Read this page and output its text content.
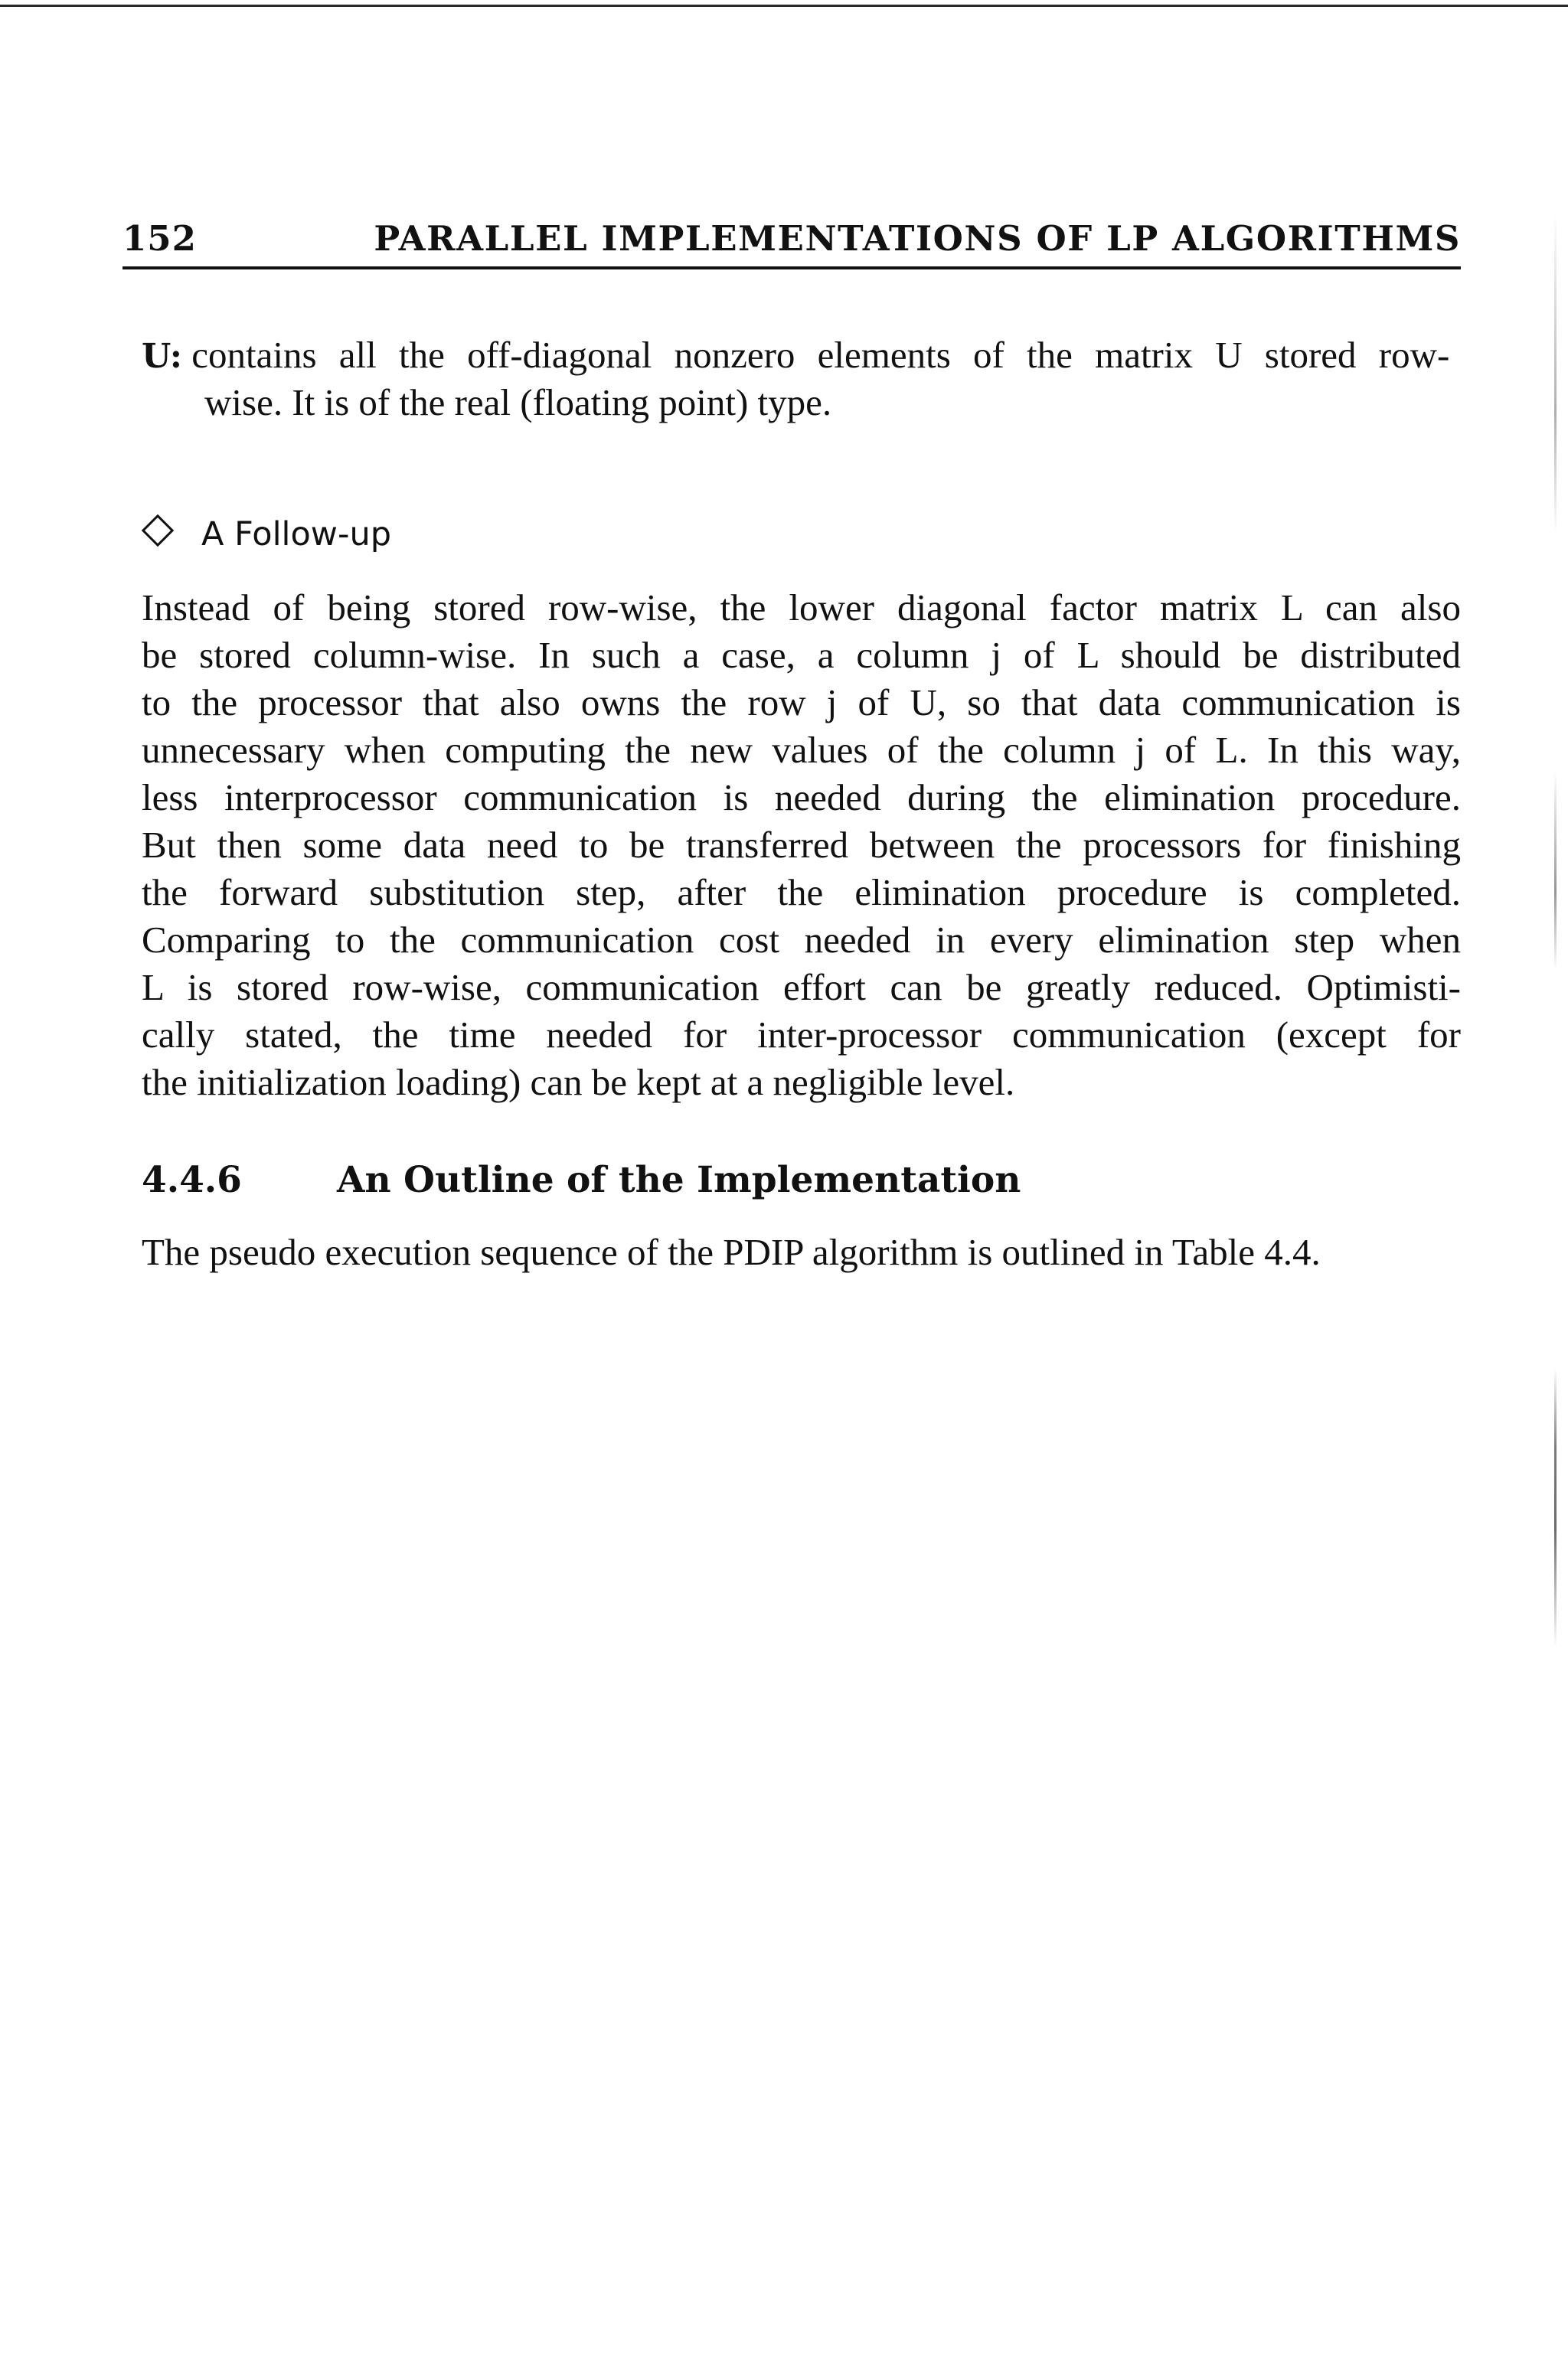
152	PARALLEL IMPLEMENTATIONS OF LP ALGORITHMS
U: contains all the off-diagonal nonzero elements of the matrix U stored row-
wise. It is of the real (floating point) type.
A Follow-up
Instead of being stored row-wise, the lower diagonal factor matrix L can also
be stored column-wise. In such a case, a column j of L should be distributed
to the processor that also owns the row j of U, so that data communication is
unnecessary when computing the new values of the column j of L. In this way,
less interprocessor communication is needed during the elimination procedure.
But then some data need to be transferred between the processors for finishing
the forward substitution step, after the elimination procedure is completed.
Comparing to the communication cost needed in every elimination step when
L is stored row-wise, communication effort can be greatly reduced. Optimisti-
cally stated, the time needed for inter-processor communication (except for
the initialization loading) can be kept at a negligible level.
4.4.6	An Outline of the Implementation
The pseudo execution sequence of the PDIP algorithm is outlined in Table 4.4.
